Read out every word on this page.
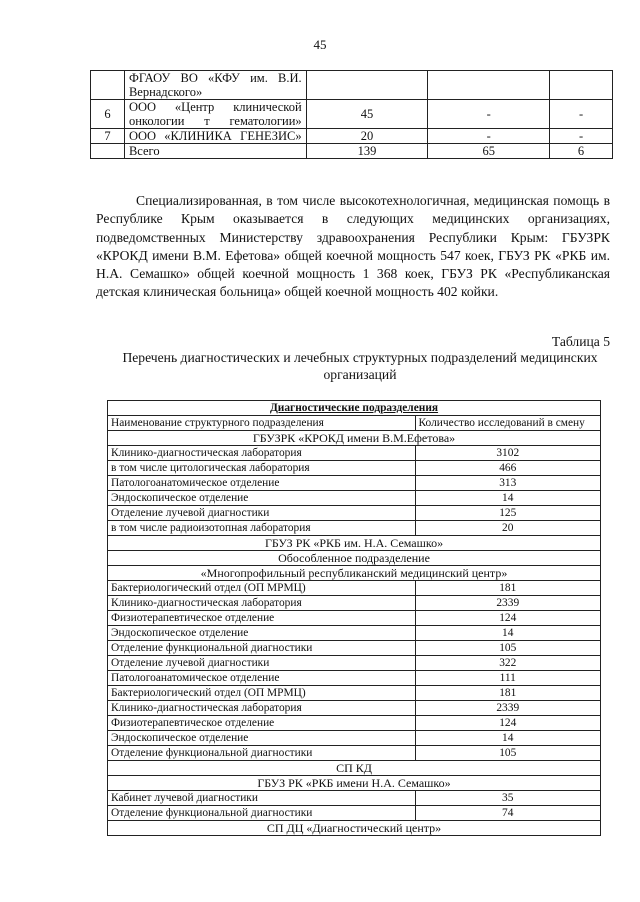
45
	ФГАОУ ВО «КФУ им. В.И. Вернадского»			
6	ООО «Центр клинической онкологии т гематологии»	45	-	-
7	ООО «КЛИНИКА ГЕНЕЗИС»	20	-	-
	Всего	139	65	6

Специализированная, в том числе высокотехнологичная, медицинская помощь в Республике Крым оказывается в следующих медицинских организациях, подведомственных Министерству здравоохранения Республики Крым: ГБУЗРК «КРОКД имени В.М. Ефетова» общей коечной мощность 547 коек, ГБУЗ РК «РКБ им. Н.А. Семашко» общей коечной мощность 1 368 коек, ГБУЗ РК «Республиканская детская клиническая больница» общей коечной мощность 402 койки.

Таблица 5
Перечень диагностических и лечебных структурных подразделений медицинских организаций
Диагностические подразделения	
Наименование структурного подразделения	Количество исследований в смену
ГБУЗРК «КРОКД имени В.М.Ефетова»	
Клинико-диагностическая лаборатория	3102
в том числе цитологическая лаборатория	466
Патологоанатомическое отделение	313
Эндоскопическое отделение	14
Отделение лучевой диагностики	125
в том числе радиоизотопная лаборатория	20
ГБУЗ РК «РКБ им. Н.А. Семашко»	
Обособленное подразделение	
«Многопрофильный республиканский медицинский центр»	
Бактериологический отдел (ОП МРМЦ)	181
Клинико-диагностическая лаборатория	2339
Физиотерапевтическое отделение	124
Эндоскопическое отделение	14
Отделение функциональной диагностики	105
Отделение лучевой диагностики	322
Патологоанатомическое отделение	111
Бактериологический отдел (ОП МРМЦ)	181
Клинико-диагностическая лаборатория	2339
Физиотерапевтическое отделение	124
Эндоскопическое отделение	14
Отделение функциональной диагностики	105
СП КД	
ГБУЗ РК «РКБ имени Н.А. Семашко»	
Кабинет лучевой диагностики	35
Отделение функциональной диагностики	74
СП ДЦ «Диагностический центр»	
